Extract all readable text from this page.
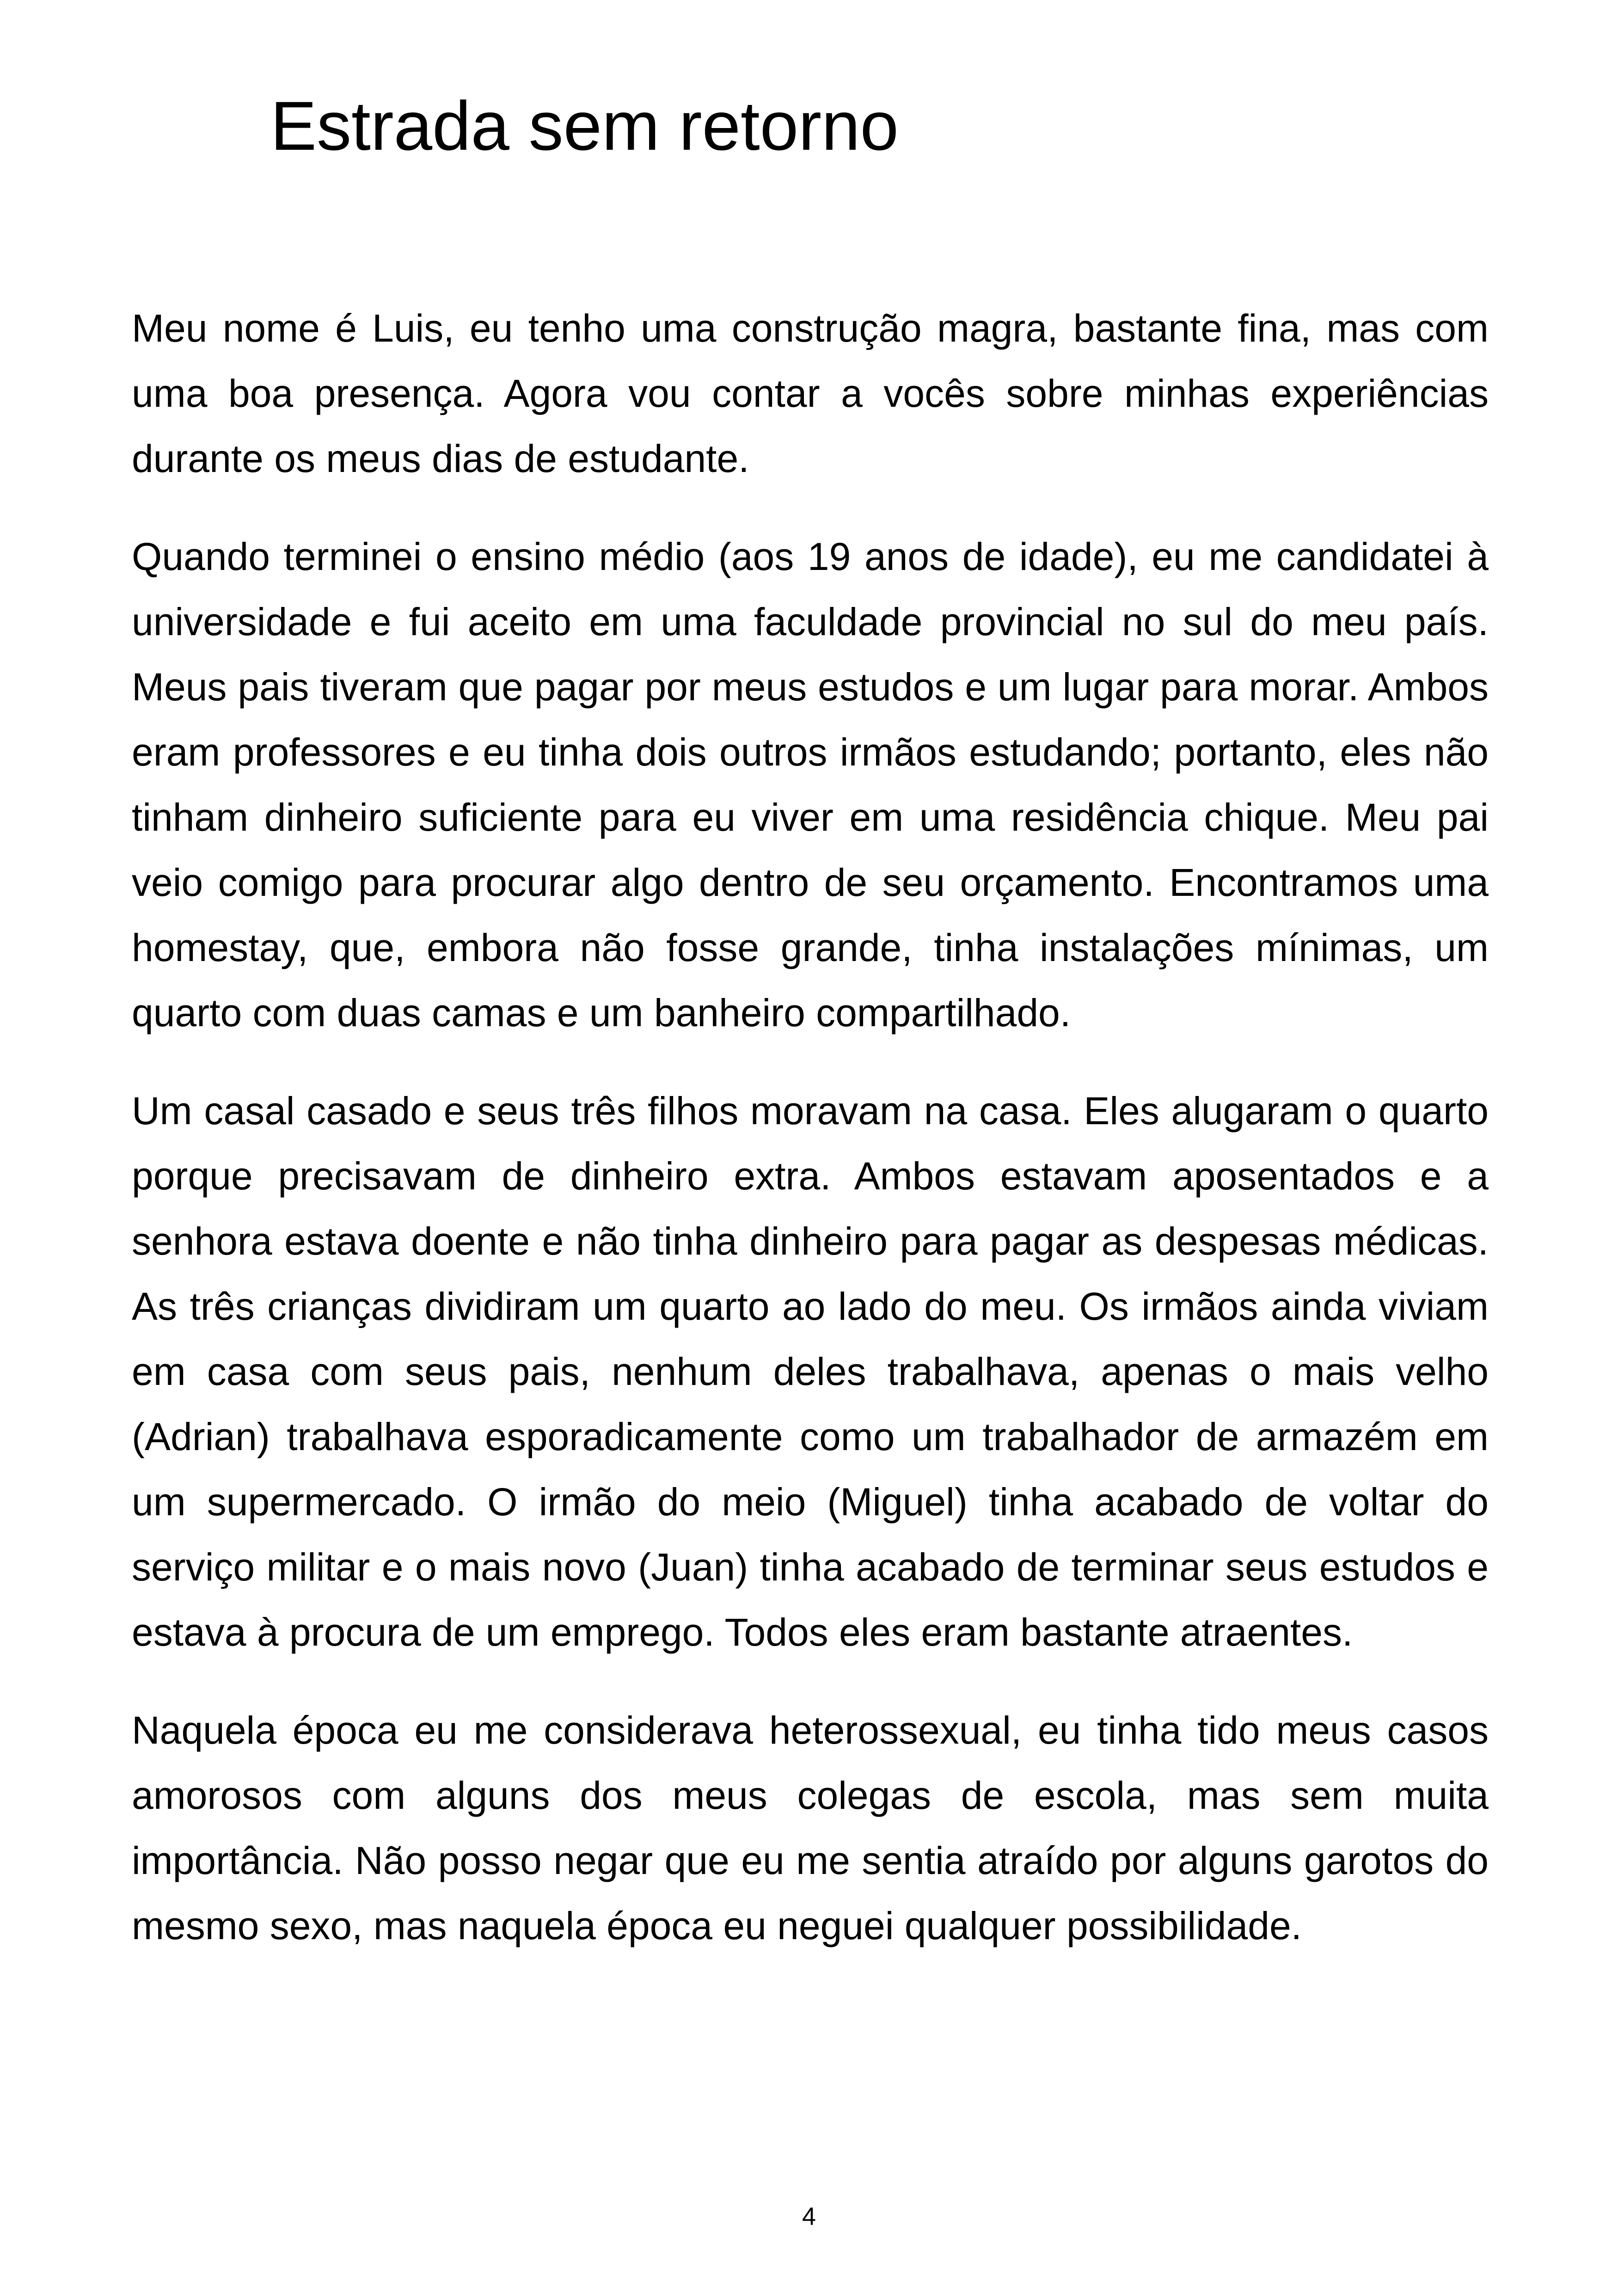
Estrada sem retorno

Meu nome é Luis, eu tenho uma construção magra, bastante fina, mas com uma boa presença. Agora vou contar a vocês sobre minhas experiências durante os meus dias de estudante.

Quando terminei o ensino médio (aos 19 anos de idade), eu me candidatei à universidade e fui aceito em uma faculdade provincial no sul do meu país. Meus pais tiveram que pagar por meus estudos e um lugar para morar. Ambos eram professores e eu tinha dois outros irmãos estudando; portanto, eles não tinham dinheiro suficiente para eu viver em uma residência chique. Meu pai veio comigo para procurar algo dentro de seu orçamento. Encontramos uma homestay, que, embora não fosse grande, tinha instalações mínimas, um quarto com duas camas e um banheiro compartilhado.

Um casal casado e seus três filhos moravam na casa. Eles alugaram o quarto porque precisavam de dinheiro extra. Ambos estavam aposentados e a senhora estava doente e não tinha dinheiro para pagar as despesas médicas. As três crianças dividiram um quarto ao lado do meu. Os irmãos ainda viviam em casa com seus pais, nenhum deles trabalhava, apenas o mais velho (Adrian) trabalhava esporadicamente como um trabalhador de armazém em um supermercado. O irmão do meio (Miguel) tinha acabado de voltar do serviço militar e o mais novo (Juan) tinha acabado de terminar seus estudos e estava à procura de um emprego. Todos eles eram bastante atraentes.

Naquela época eu me considerava heterossexual, eu tinha tido meus casos amorosos com alguns dos meus colegas de escola, mas sem muita importância. Não posso negar que eu me sentia atraído por alguns garotos do mesmo sexo, mas naquela época eu neguei qualquer possibilidade.

4
